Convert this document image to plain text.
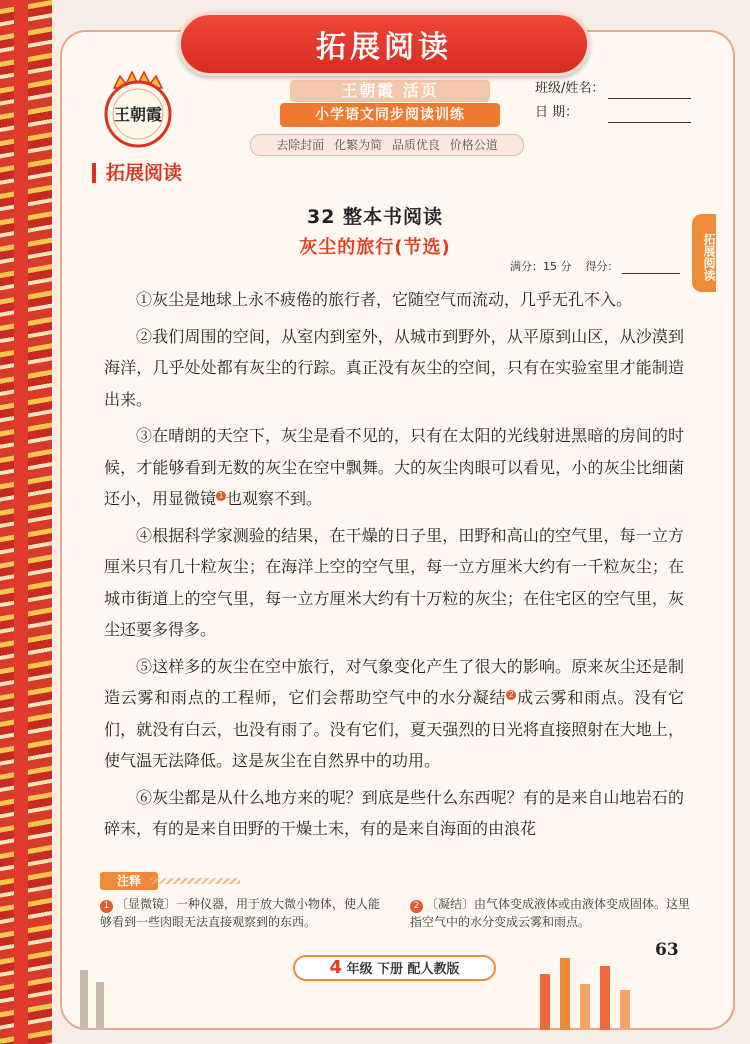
拓展阅读
王朝霞
王朝霞 活页
小学语文同步阅读训练
去除封面 化繁为简 品质优良 价格公道
班级/姓名：
日 期：
拓展阅读
拓展阅读
32 整本书阅读
灰尘的旅行(节选)
满分：15 分 得分：

①灰尘是地球上永不疲倦的旅行者，它随空气而流动，几乎无孔不入。

②我们周围的空间，从室内到室外，从城市到野外，从平原到山区，从沙漠到海洋，几乎处处都有灰尘的行踪。真正没有灰尘的空间，只有在实验室里才能制造出来。

③在晴朗的天空下，灰尘是看不见的，只有在太阳的光线射进黑暗的房间的时候，才能够看到无数的灰尘在空中飘舞。大的灰尘肉眼可以看见，小的灰尘比细菌还小，用显微镜 1 也观察不到。

④根据科学家测验的结果，在干燥的日子里，田野和高山的空气里，每一立方厘米只有几十粒灰尘；在海洋上空的空气里，每一立方厘米大约有一千粒灰尘；在城市街道上的空气里，每一立方厘米大约有十万粒的灰尘；在住宅区的空气里，灰尘还要多得多。

⑤这样多的灰尘在空中旅行，对气象变化产生了很大的影响。原来灰尘还是制造云雾和雨点的工程师，它们会帮助空气中的水分凝结 2 成云雾和雨点。没有它们，就没有白云，也没有雨了。没有它们，夏天强烈的日光将直接照射在大地上，使气温无法降低。这是灰尘在自然界中的功用。

⑥灰尘都是从什么地方来的呢？到底是些什么东西呢？有的是来自山地岩石的碎末，有的是来自田野的干燥土末，有的是来自海面的由浪花

注释
1 〔显微镜〕一种仪器，用于放大微小物体，使人能够看到一些肉眼无法直接观察到的东西。
2 〔凝结〕由气体变成液体或由液体变成固体。这里指空气中的水分变成云雾和雨点。
4 年级 下册 配人教版
63
